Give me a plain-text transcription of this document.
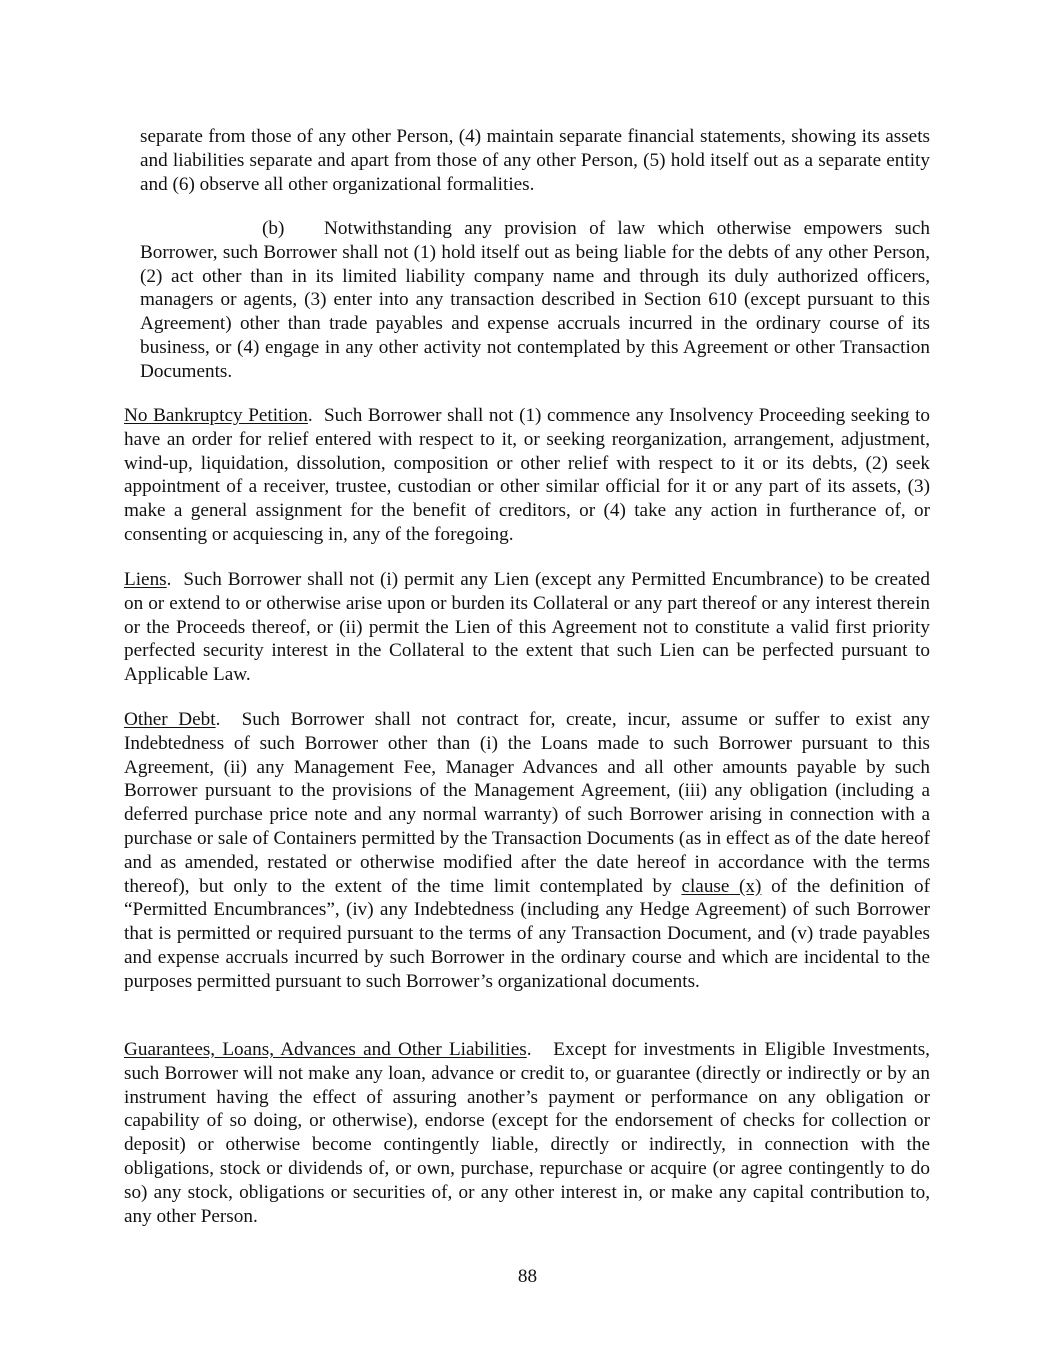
separate from those of any other Person, (4) maintain separate financial statements, showing its assets and liabilities separate and apart from those of any other Person, (5) hold itself out as a separate entity and (6) observe all other organizational formalities.

(b) Notwithstanding any provision of law which otherwise empowers such Borrower, such Borrower shall not (1) hold itself out as being liable for the debts of any other Person, (2) act other than in its limited liability company name and through its duly authorized officers, managers or agents, (3) enter into any transaction described in Section 610 (except pursuant to this Agreement) other than trade payables and expense accruals incurred in the ordinary course of its business, or (4) engage in any other activity not contemplated by this Agreement or other Transaction Documents.

No Bankruptcy Petition.  Such Borrower shall not (1) commence any Insolvency Proceeding seeking to have an order for relief entered with respect to it, or seeking reorganization, arrangement, adjustment, wind-up, liquidation, dissolution, composition or other relief with respect to it or its debts, (2) seek appointment of a receiver, trustee, custodian or other similar official for it or any part of its assets, (3) make a general assignment for the benefit of creditors, or (4) take any action in furtherance of, or consenting or acquiescing in, any of the foregoing.

Liens.  Such Borrower shall not (i) permit any Lien (except any Permitted Encumbrance) to be created on or extend to or otherwise arise upon or burden its Collateral or any part thereof or any interest therein or the Proceeds thereof, or (ii) permit the Lien of this Agreement not to constitute a valid first priority perfected security interest in the Collateral to the extent that such Lien can be perfected pursuant to Applicable Law.

Other Debt.  Such Borrower shall not contract for, create, incur, assume or suffer to exist any Indebtedness of such Borrower other than (i) the Loans made to such Borrower pursuant to this Agreement, (ii) any Management Fee, Manager Advances and all other amounts payable by such Borrower pursuant to the provisions of the Management Agreement, (iii) any obligation (including a deferred purchase price note and any normal warranty) of such Borrower arising in connection with a purchase or sale of Containers permitted by the Transaction Documents (as in effect as of the date hereof and as amended, restated or otherwise modified after the date hereof in accordance with the terms thereof), but only to the extent of the time limit contemplated by clause (x) of the definition of “Permitted Encumbrances”, (iv) any Indebtedness (including any Hedge Agreement) of such Borrower that is permitted or required pursuant to the terms of any Transaction Document, and (v) trade payables and expense accruals incurred by such Borrower in the ordinary course and which are incidental to the purposes permitted pursuant to such Borrower’s organizational documents.

Guarantees, Loans, Advances and Other Liabilities.   Except for investments in Eligible Investments, such Borrower will not make any loan, advance or credit to, or guarantee (directly or indirectly or by an instrument having the effect of assuring another’s payment or performance on any obligation or capability of so doing, or otherwise), endorse (except for the endorsement of checks for collection or deposit) or otherwise become contingently liable, directly or indirectly, in connection with the obligations, stock or dividends of, or own, purchase, repurchase or acquire (or agree contingently to do so) any stock, obligations or securities of, or any other interest in, or make any capital contribution to, any other Person.

88
